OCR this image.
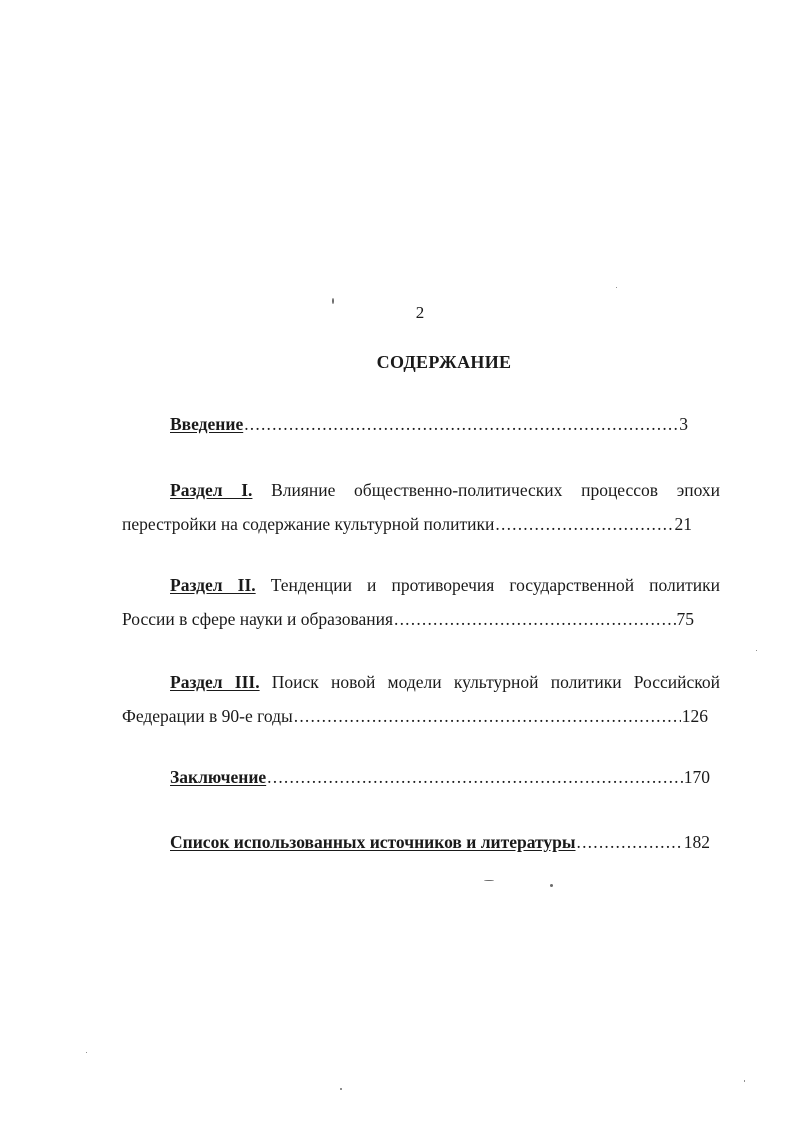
2
СОДЕРЖАНИЕ
Введение .....	3
Раздел I. Влияние общественно-политических процессов эпохи
перестройки на содержание культурной политики .....	21
Раздел II. Тенденции и противоречия государственной политики
России в сфере науки и образования .....	75
Раздел III. Поиск новой модели культурной политики Российской
Федерации в 90-е годы .....	126
Заключение .....	170
Список использованных источников и литературы .....	182
